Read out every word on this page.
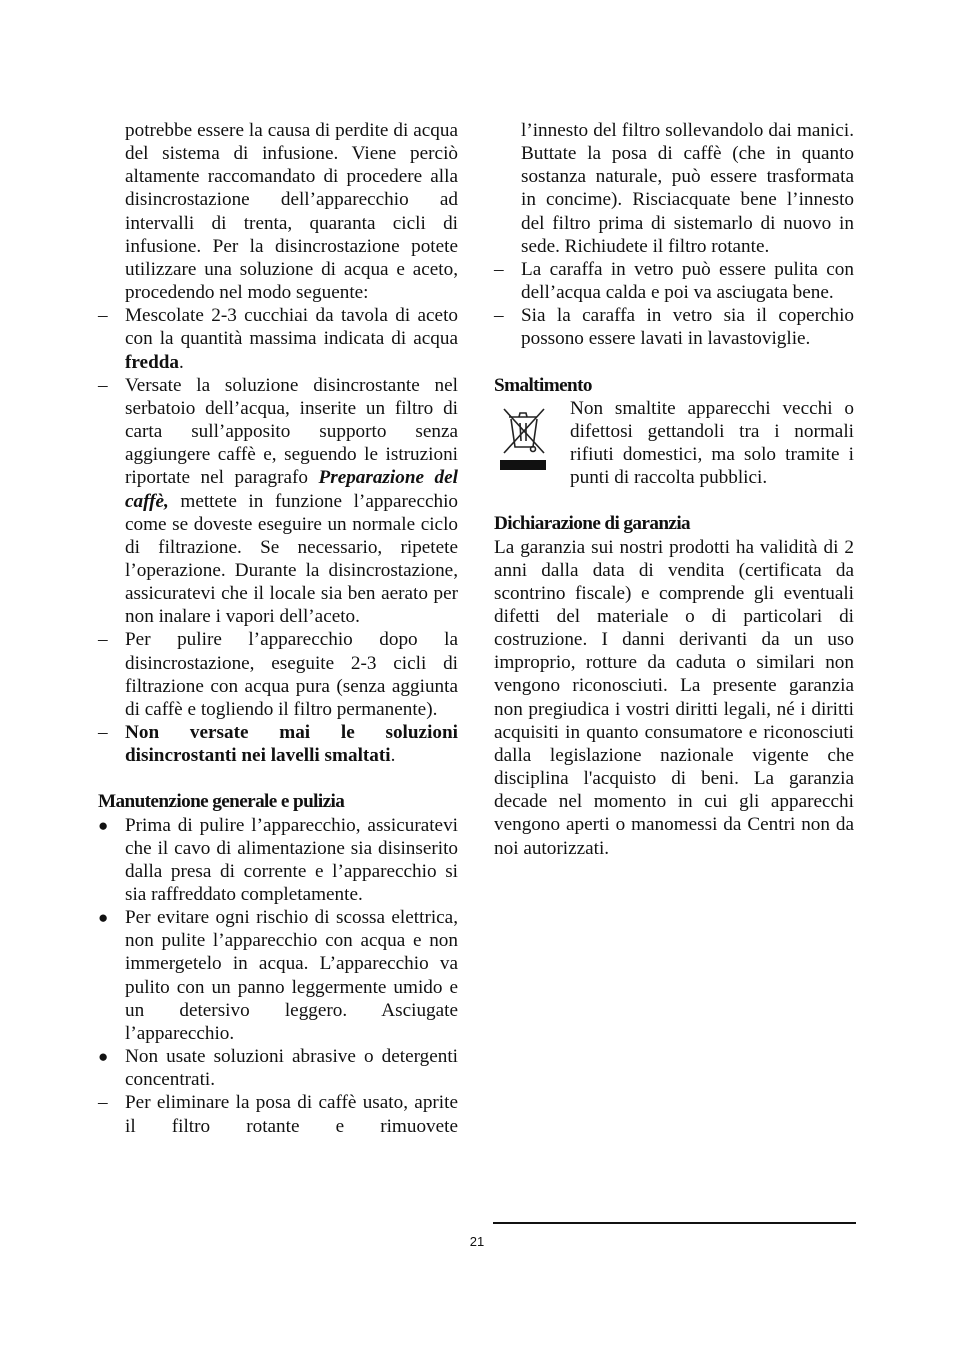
potrebbe essere la causa di perdite di acqua del sistema di infusione. Viene perciò altamente raccomandato di procedere alla disincrostazione dell’apparecchio ad intervalli di trenta, quaranta cicli di infusione. Per la disincrostazione potete utilizzare una soluzione di acqua e aceto, procedendo nel modo seguente:

–

Mescolate 2-3 cucchiai da tavola di aceto con la quantità massima indicata di acqua fredda.

–

Versate la soluzione disincrostante nel serbatoio dell’acqua, inserite un filtro di carta sull’apposito supporto senza aggiungere caffè e, seguendo le istruzioni riportate nel paragrafo Preparazione del caffè, mettete in funzione l’apparecchio come se doveste eseguire un normale ciclo di filtrazione. Se necessario, ripetete l’operazione. Durante la disincrostazione, assicuratevi che il locale sia ben aerato per non inalare i vapori dell’aceto.

–

Per pulire l’apparecchio dopo la disincrostazione, eseguite 2-3 cicli di filtrazione con acqua pura (senza aggiunta di caffè e togliendo il filtro permanente).

–

Non versate mai le soluzioni disincrostanti nei lavelli smaltati.

Manutenzione generale e pulizia

●

Prima di pulire l’apparecchio, assicuratevi che il cavo di alimentazione sia disinserito dalla presa di corrente e l’apparecchio si sia raffreddato completamente.

●

Per evitare ogni rischio di scossa elettrica, non pulite l’apparecchio con acqua e non immergetelo in acqua. L’apparecchio va pulito con un panno leggermente umido e un detersivo leggero. Asciugate l’apparecchio.

●

Non usate soluzioni abrasive o detergenti concentrati.

–

Per eliminare la posa di caffè usato, aprite il filtro rotante e rimuovete

l’innesto del filtro sollevandolo dai manici. Buttate la posa di caffè (che in quanto sostanza naturale, può essere trasformata in concime). Risciacquate bene l’innesto del filtro prima di sistemarlo di nuovo in sede. Richiudete il filtro rotante.

–

La caraffa in vetro può essere pulita con dell’acqua calda e poi va asciugata bene.

–

Sia la caraffa in vetro sia il coperchio possono essere lavati in lavastoviglie.

Smaltimento

Non smaltite apparecchi vecchi o difettosi gettandoli tra i normali rifiuti domestici, ma solo tramite i punti di raccolta pubblici.

Dichiarazione di garanzia

La garanzia sui nostri prodotti ha validità di 2 anni dalla data di vendita (certificata da scontrino fiscale) e comprende gli eventuali difetti del materiale o di particolari di costruzione. I danni derivanti da un uso improprio, rotture da caduta o similari non vengono riconosciuti. La presente garanzia non pregiudica i vostri diritti legali, né i diritti acquisiti in quanto consumatore e riconosciuti dalla legislazione nazionale vigente che disciplina l'acquisto di beni. La garanzia decade nel momento in cui gli apparecchi vengono aperti o manomessi da Centri non da noi autorizzati.

21
